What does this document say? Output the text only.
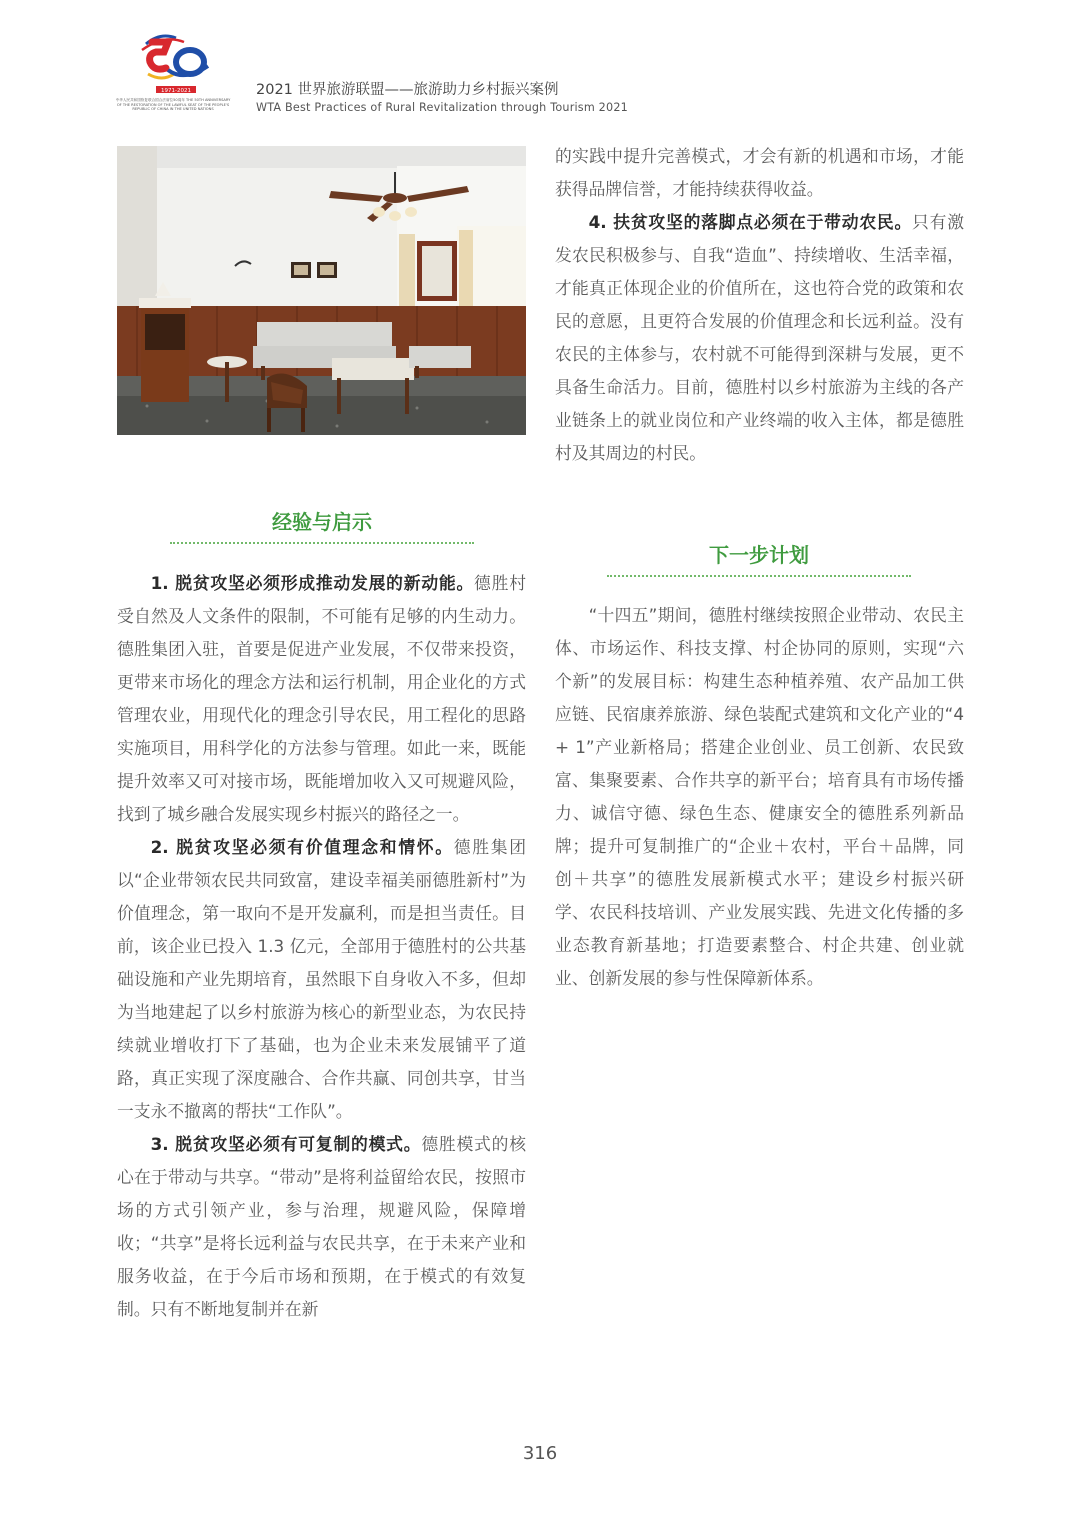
1971-2021
中华人民共和国恢复联合国合法席位50周年 THE 50TH ANNIVERSARY OF THE RESTORATION OF THE LAWFUL SEAT OF THE PEOPLE'S REPUBLIC OF CHINA IN THE UNITED NATIONS
2021 世界旅游联盟——旅游助力乡村振兴案例
WTA Best Practices of Rural Revitalization through Tourism 2021
经验与启示

1. 脱贫攻坚必须形成推动发展的新动能。德胜村受自然及人文条件的限制，不可能有足够的内生动力。德胜集团入驻，首要是促进产业发展，不仅带来投资，更带来市场化的理念方法和运行机制，用企业化的方式管理农业，用现代化的理念引导农民，用工程化的思路实施项目，用科学化的方法参与管理。如此一来，既能提升效率又可对接市场，既能增加收入又可规避风险，找到了城乡融合发展实现乡村振兴的路径之一。

2. 脱贫攻坚必须有价值理念和情怀。德胜集团以“企业带领农民共同致富，建设幸福美丽德胜新村”为价值理念，第一取向不是开发赢利，而是担当责任。目前，该企业已投入 1.3 亿元，全部用于德胜村的公共基础设施和产业先期培育，虽然眼下自身收入不多，但却为当地建起了以乡村旅游为核心的新型业态，为农民持续就业增收打下了基础，也为企业未来发展铺平了道路，真正实现了深度融合、合作共赢、同创共享，甘当一支永不撤离的帮扶“工作队”。

3. 脱贫攻坚必须有可复制的模式。德胜模式的核心在于带动与共享。“带动”是将利益留给农民，按照市场的方式引领产业，参与治理，规避风险，保障增收；“共享”是将长远利益与农民共享，在于未来产业和服务收益，在于今后市场和预期，在于模式的有效复制。只有不断地复制并在新

的实践中提升完善模式，才会有新的机遇和市场，才能获得品牌信誉，才能持续获得收益。

4. 扶贫攻坚的落脚点必须在于带动农民。只有激发农民积极参与、自我“造血”、持续增收、生活幸福，才能真正体现企业的价值所在，这也符合党的政策和农民的意愿，且更符合发展的价值理念和长远利益。没有农民的主体参与，农村就不可能得到深耕与发展，更不具备生命活力。目前，德胜村以乡村旅游为主线的各产业链条上的就业岗位和产业终端的收入主体，都是德胜村及其周边的村民。

下一步计划

“十四五”期间，德胜村继续按照企业带动、农民主体、市场运作、科技支撑、村企协同的原则，实现“六个新”的发展目标：构建生态种植养殖、农产品加工供应链、民宿康养旅游、绿色装配式建筑和文化产业的“4 + 1”产业新格局；搭建企业创业、员工创新、农民致富、集聚要素、合作共享的新平台；培育具有市场传播力、诚信守德、绿色生态、健康安全的德胜系列新品牌；提升可复制推广的“企业＋农村，平台＋品牌，同创＋共享”的德胜发展新模式水平；建设乡村振兴研学、农民科技培训、产业发展实践、先进文化传播的多业态教育新基地；打造要素整合、村企共建、创业就业、创新发展的参与性保障新体系。

316
